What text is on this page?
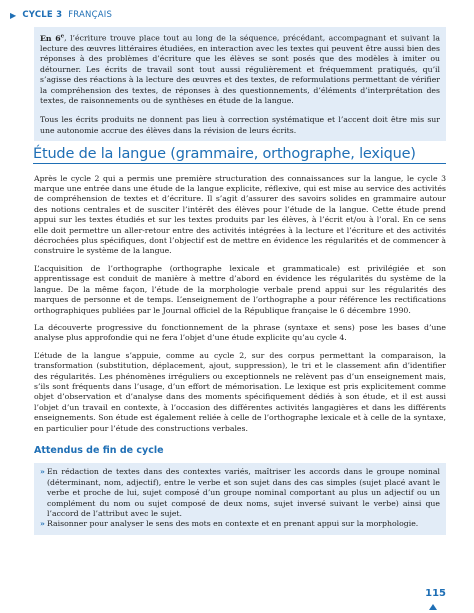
▶ CYCLE 3 FRANÇAIS

En 6e, l’écriture trouve place tout au long de la séquence, précédant, accompagnant et suivant la lecture des œuvres littéraires étudiées, en interaction avec les textes qui peuvent être aussi bien des réponses à des problèmes d’écriture que les élèves se sont posés que des modèles à imiter ou détourner. Les écrits de travail sont tout aussi régulièrement et fréquemment pratiqués, qu’il s’agisse des réactions à la lecture des œuvres et des textes, de reformulations permettant de vérifier la compréhension des textes, de réponses à des questionnements, d’éléments d’interprétation des textes, de raisonnements ou de synthèses en étude de la langue.

Tous les écrits produits ne donnent pas lieu à correction systématique et l’accent doit être mis sur une autonomie accrue des élèves dans la révision de leurs écrits.

Étude de la langue (grammaire, orthographe, lexique)

Après le cycle 2 qui a permis une première structuration des connaissances sur la langue, le cycle 3 marque une entrée dans une étude de la langue explicite, réflexive, qui est mise au service des activités de compréhension de textes et d’écriture. Il s’agit d’assurer des savoirs solides en grammaire autour des notions centrales et de susciter l’intérêt des élèves pour l’étude de la langue. Cette étude prend appui sur les textes étudiés et sur les textes produits par les élèves, à l’écrit et/ou à l’oral. En ce sens elle doit permettre un aller-retour entre des activités intégrées à la lecture et l’écriture et des activités décrochées plus spécifiques, dont l’objectif est de mettre en évidence les régularités et de commencer à construire le système de la langue.

L’acquisition de l’orthographe (orthographe lexicale et grammaticale) est privilégiée et son apprentissage est conduit de manière à mettre d’abord en évidence les régularités du système de la langue. De la même façon, l’étude de la morphologie verbale prend appui sur les régularités des marques de personne et de temps. L’enseignement de l’orthographe a pour référence les rectifications orthographiques publiées par le Journal officiel de la République française le 6 décembre 1990.

La découverte progressive du fonctionnement de la phrase (syntaxe et sens) pose les bases d’une analyse plus approfondie qui ne fera l’objet d’une étude explicite qu’au cycle 4.

L’étude de la langue s’appuie, comme au cycle 2, sur des corpus permettant la comparaison, la transformation (substitution, déplacement, ajout, suppression), le tri et le classement afin d’identifier des régularités. Les phénomènes irréguliers ou exceptionnels ne relèvent pas d’un enseignement mais, s’ils sont fréquents dans l’usage, d’un effort de mémorisation. Le lexique est pris explicitement comme objet d’observation et d’analyse dans des moments spécifiquement dédiés à son étude, et il est aussi l’objet d’un travail en contexte, à l’occasion des différentes activités langagières et dans les différents enseignements. Son étude est également reliée à celle de l’orthographe lexicale et à celle de la syntaxe, en particulier pour l’étude des constructions verbales.

Attendus de fin de cycle
» En rédaction de textes dans des contextes variés, maîtriser les accords dans le groupe nominal (déterminant, nom, adjectif), entre le verbe et son sujet dans des cas simples (sujet placé avant le verbe et proche de lui, sujet composé d’un groupe nominal comportant au plus un adjectif ou un complément du nom ou sujet composé de deux noms, sujet inversé suivant le verbe) ainsi que l’accord de l’attribut avec le sujet.
» Raisonner pour analyser le sens des mots en contexte et en prenant appui sur la morphologie.
115
